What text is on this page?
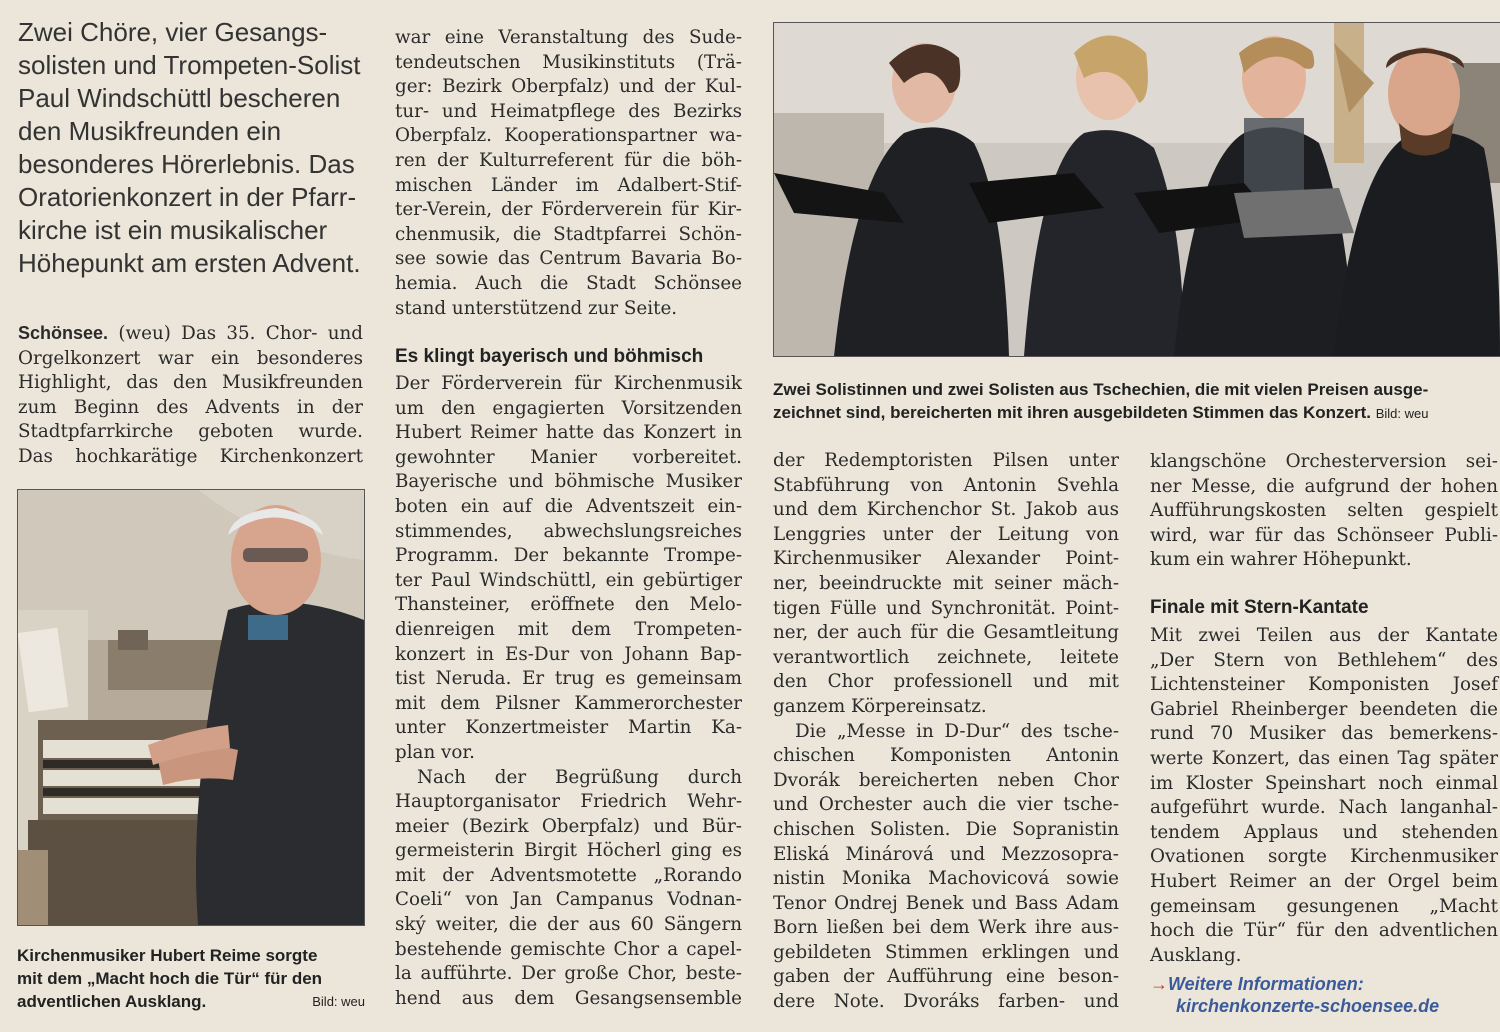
Zwei Chöre, vier Gesangs-
solisten und Trompeten-Solist
Paul Windschüttl bescheren
den Musikfreunden ein
besonderes Hörerlebnis. Das
Oratorienkonzert in der Pfarr-
kirche ist ein musikalischer
Höhepunkt am ersten Advent.
Schönsee. (weu) Das 35. Chor- und
Orgelkonzert war ein besonderes
Highlight, das den Musikfreunden
zum Beginn des Advents in der
Stadtpfarrkirche geboten wurde.
Das hochkarätige Kirchenkonzert
Kirchenmusiker Hubert Reime sorgte
mit dem „Macht hoch die Tür“ für den
adventlichen Ausklang.	Bild: weu
war eine Veranstaltung des Sude-
tendeutschen Musikinstituts (Trä-
ger: Bezirk Oberpfalz) und der Kul-
tur- und Heimatpflege des Bezirks
Oberpfalz. Kooperationspartner wa-
ren der Kulturreferent für die böh-
mischen Länder im Adalbert-Stif-
ter-Verein, der Förderverein für Kir-
chenmusik, die Stadtpfarrei Schön-
see sowie das Centrum Bavaria Bo-
hemia. Auch die Stadt Schönsee
stand unterstützend zur Seite.
Es klingt bayerisch und böhmisch
Der Förderverein für Kirchenmusik
um den engagierten Vorsitzenden
Hubert Reimer hatte das Konzert in
gewohnter Manier vorbereitet.
Bayerische und böhmische Musiker
boten ein auf die Adventszeit ein-
stimmendes, abwechslungsreiches
Programm. Der bekannte Trompe-
ter Paul Windschüttl, ein gebürtiger
Thansteiner, eröffnete den Melo-
dienreigen mit dem Trompeten-
konzert in Es-Dur von Johann Bap-
tist Neruda. Er trug es gemeinsam
mit dem Pilsner Kammerorchester
unter Konzertmeister Martin Ka-
plan vor.
Nach der Begrüßung durch
Hauptorganisator Friedrich Wehr-
meier (Bezirk Oberpfalz) und Bür-
germeisterin Birgit Höcherl ging es
mit der Adventsmotette „Rorando
Coeli“ von Jan Campanus Vodnan-
ský weiter, die der aus 60 Sängern
bestehende gemischte Chor a capel-
la aufführte. Der große Chor, beste-
hend aus dem Gesangsensemble
Zwei Solistinnen und zwei Solisten aus Tschechien, die mit vielen Preisen ausge-
zeichnet sind, bereicherten mit ihren ausgebildeten Stimmen das Konzert. Bild: weu
der Redemptoristen Pilsen unter
Stabführung von Antonin Svehla
und dem Kirchenchor St. Jakob aus
Lenggries unter der Leitung von
Kirchenmusiker Alexander Point-
ner, beeindruckte mit seiner mäch-
tigen Fülle und Synchronität. Point-
ner, der auch für die Gesamtleitung
verantwortlich zeichnete, leitete
den Chor professionell und mit
ganzem Körpereinsatz.
Die „Messe in D-Dur“ des tsche-
chischen Komponisten Antonin
Dvorák bereicherten neben Chor
und Orchester auch die vier tsche-
chischen Solisten. Die Sopranistin
Eliská Minárová und Mezzosopra-
nistin Monika Machovicová sowie
Tenor Ondrej Benek und Bass Adam
Born ließen bei dem Werk ihre aus-
gebildeten Stimmen erklingen und
gaben der Aufführung eine beson-
dere Note. Dvoráks farben- und
klangschöne Orchesterversion sei-
ner Messe, die aufgrund der hohen
Aufführungskosten selten gespielt
wird, war für das Schönseer Publi-
kum ein wahrer Höhepunkt.
Finale mit Stern-Kantate
Mit zwei Teilen aus der Kantate
„Der Stern von Bethlehem“ des
Lichtensteiner Komponisten Josef
Gabriel Rheinberger beendeten die
rund 70 Musiker das bemerkens-
werte Konzert, das einen Tag später
im Kloster Speinshart noch einmal
aufgeführt wurde. Nach langanhal-
tendem Applaus und stehenden
Ovationen sorgte Kirchenmusiker
Hubert Reimer an der Orgel beim
gemeinsam gesungenen „Macht
hoch die Tür“ für den adventlichen
Ausklang.
→Weitere Informationen:
kirchenkonzerte-schoensee.de
